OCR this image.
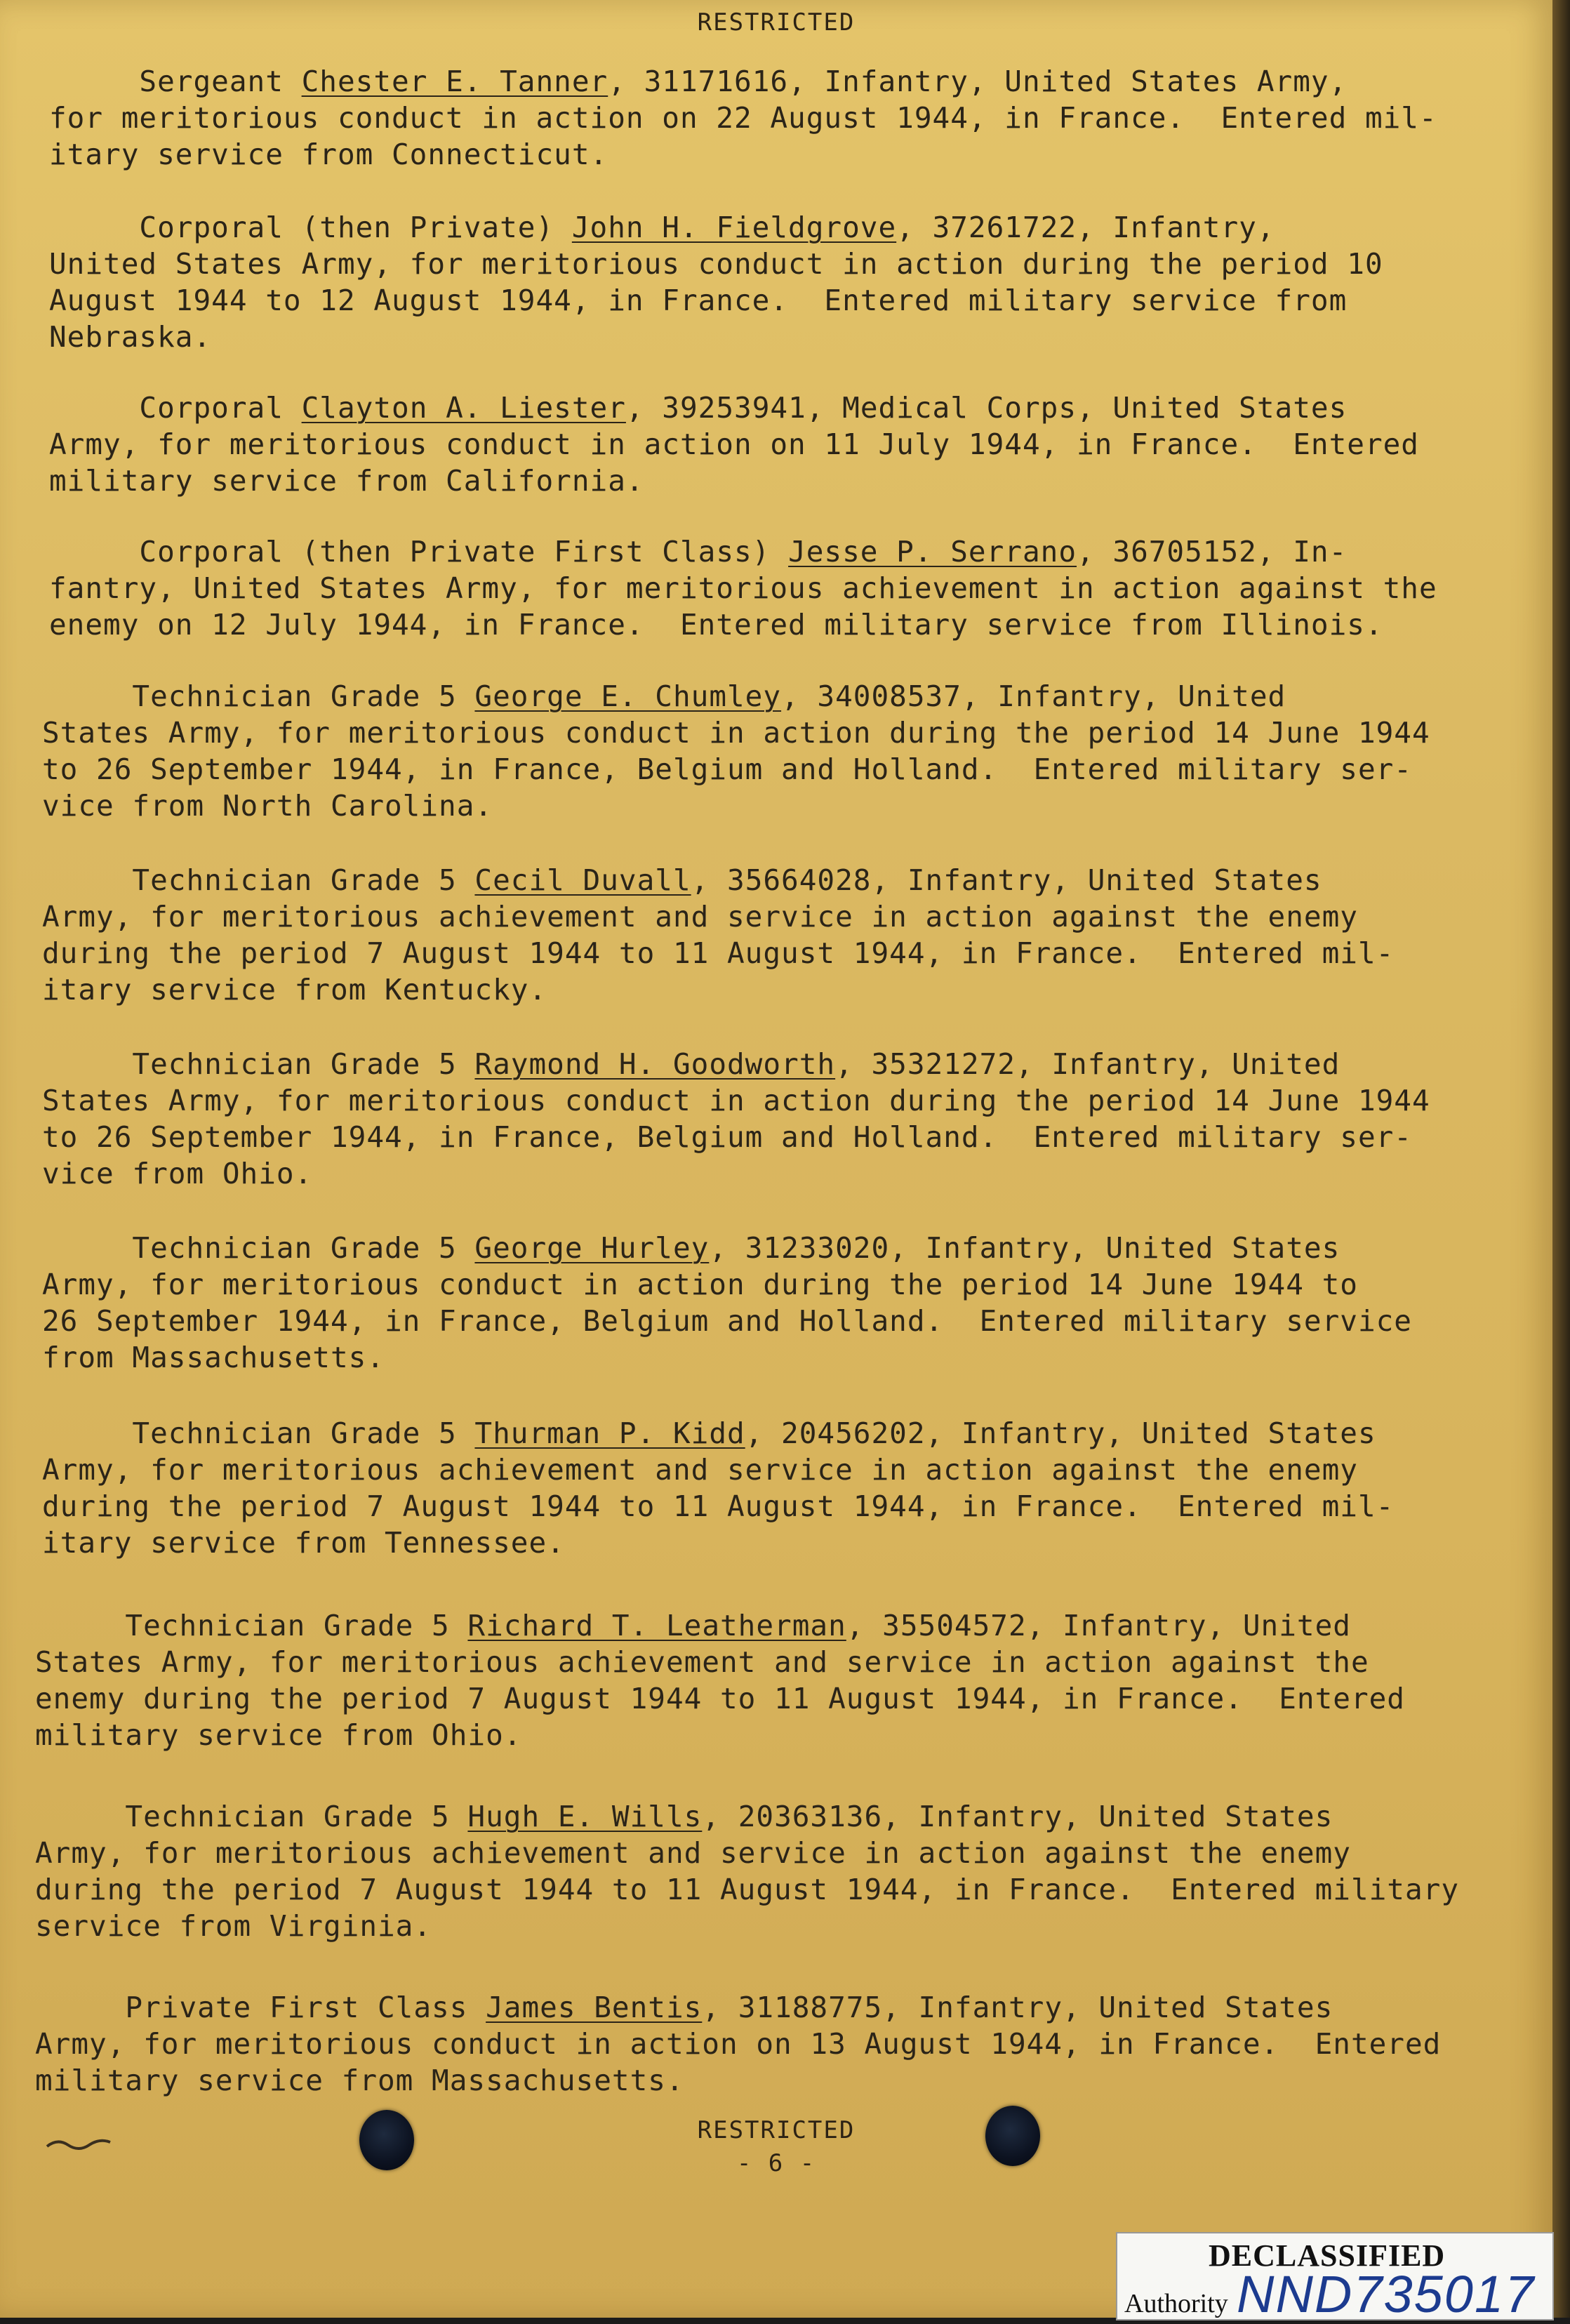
RESTRICTED
Sergeant Chester E. Tanner, 31171616, Infantry, United States Army,
for meritorious conduct in action on 22 August 1944, in France.  Entered mil-
itary service from Connecticut.
Corporal (then Private) John H. Fieldgrove, 37261722, Infantry,
United States Army, for meritorious conduct in action during the period 10
August 1944 to 12 August 1944, in France.  Entered military service from
Nebraska.
Corporal Clayton A. Liester, 39253941, Medical Corps, United States
Army, for meritorious conduct in action on 11 July 1944, in France.  Entered
military service from California.
Corporal (then Private First Class) Jesse P. Serrano, 36705152, In-
fantry, United States Army, for meritorious achievement in action against the
enemy on 12 July 1944, in France.  Entered military service from Illinois.
Technician Grade 5 George E. Chumley, 34008537, Infantry, United
States Army, for meritorious conduct in action during the period 14 June 1944
to 26 September 1944, in France, Belgium and Holland.  Entered military ser-
vice from North Carolina.
Technician Grade 5 Cecil Duvall, 35664028, Infantry, United States
Army, for meritorious achievement and service in action against the enemy
during the period 7 August 1944 to 11 August 1944, in France.  Entered mil-
itary service from Kentucky.
Technician Grade 5 Raymond H. Goodworth, 35321272, Infantry, United
States Army, for meritorious conduct in action during the period 14 June 1944
to 26 September 1944, in France, Belgium and Holland.  Entered military ser-
vice from Ohio.
Technician Grade 5 George Hurley, 31233020, Infantry, United States
Army, for meritorious conduct in action during the period 14 June 1944 to
26 September 1944, in France, Belgium and Holland.  Entered military service
from Massachusetts.
Technician Grade 5 Thurman P. Kidd, 20456202, Infantry, United States
Army, for meritorious achievement and service in action against the enemy
during the period 7 August 1944 to 11 August 1944, in France.  Entered mil-
itary service from Tennessee.
Technician Grade 5 Richard T. Leatherman, 35504572, Infantry, United
States Army, for meritorious achievement and service in action against the
enemy during the period 7 August 1944 to 11 August 1944, in France.  Entered
military service from Ohio.
Technician Grade 5 Hugh E. Wills, 20363136, Infantry, United States
Army, for meritorious achievement and service in action against the enemy
during the period 7 August 1944 to 11 August 1944, in France.  Entered military
service from Virginia.
Private First Class James Bentis, 31188775, Infantry, United States
Army, for meritorious conduct in action on 13 August 1944, in France.  Entered
military service from Massachusetts.
RESTRICTED
- 6 -
DECLASSIFIED
Authority NND735017
